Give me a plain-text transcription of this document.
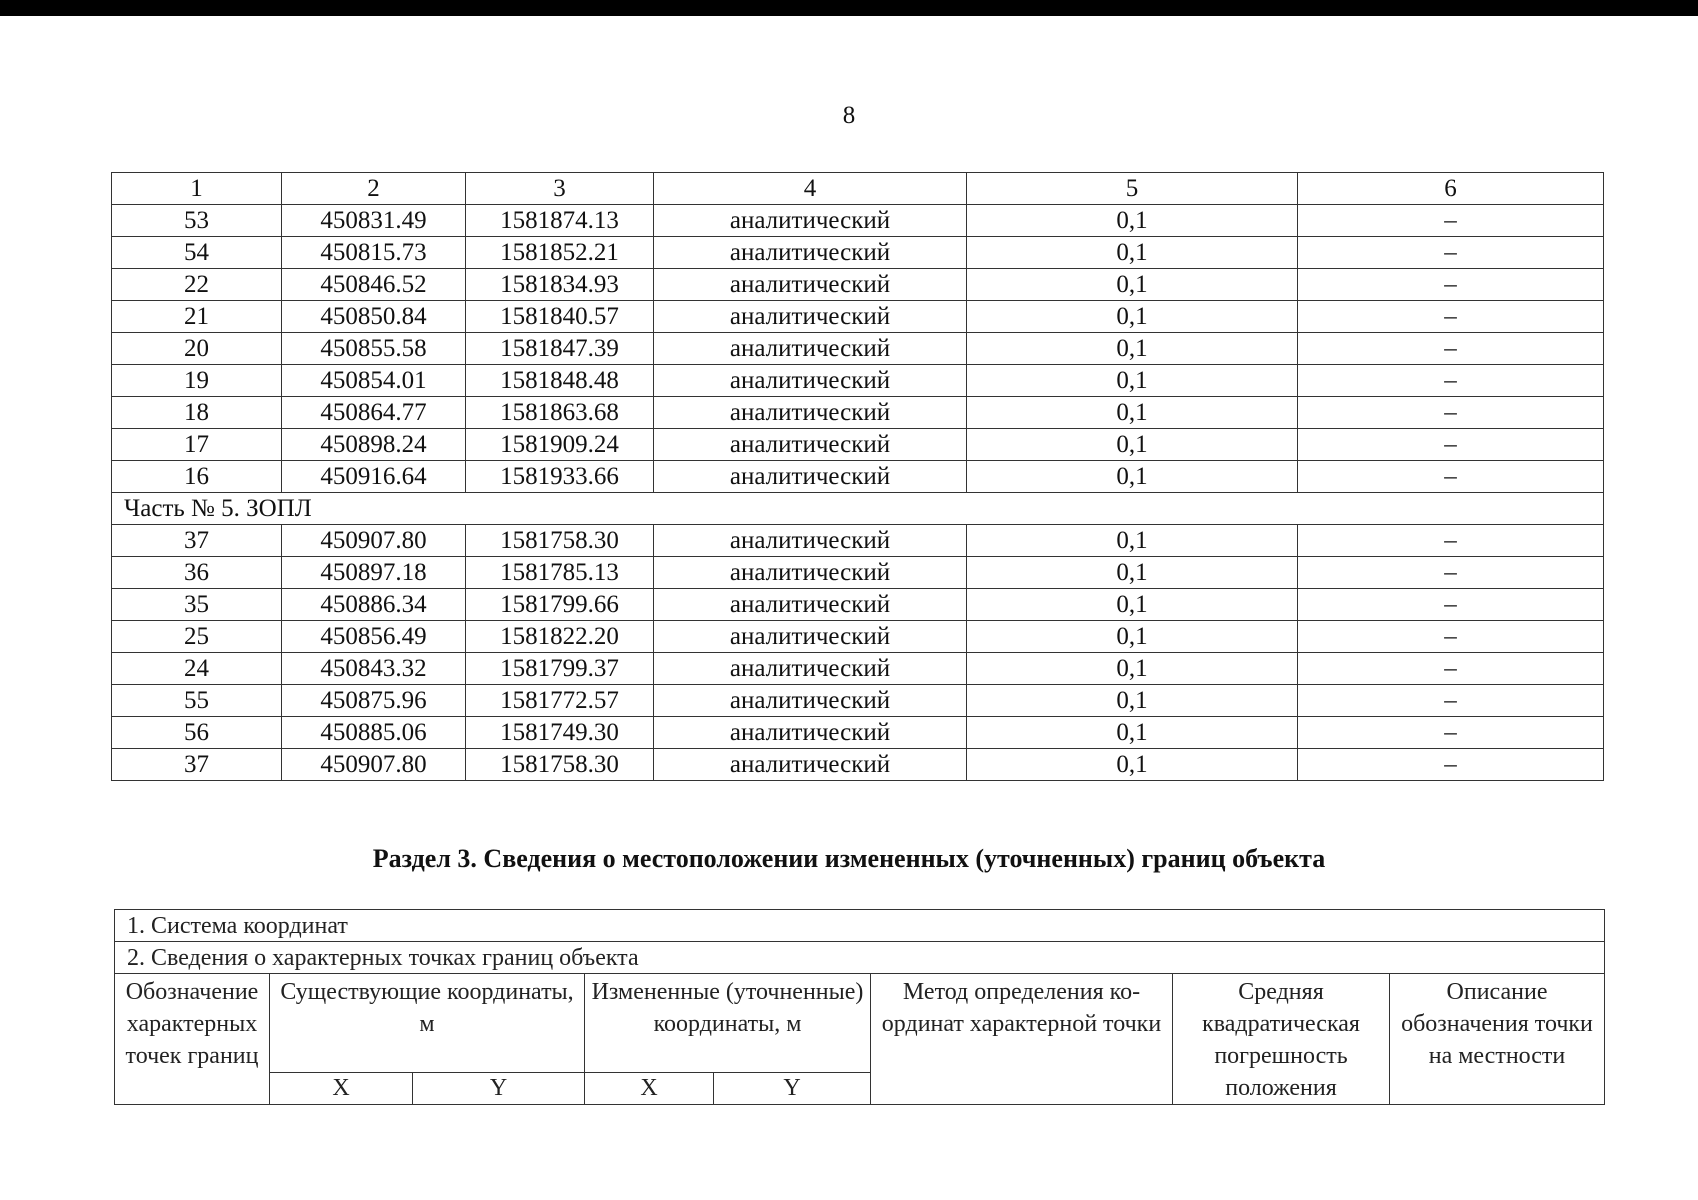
8
1	2	3	4	5	6
53	450831.49	1581874.13	аналитический	0,1	–
54	450815.73	1581852.21	аналитический	0,1	–
22	450846.52	1581834.93	аналитический	0,1	–
21	450850.84	1581840.57	аналитический	0,1	–
20	450855.58	1581847.39	аналитический	0,1	–
19	450854.01	1581848.48	аналитический	0,1	–
18	450864.77	1581863.68	аналитический	0,1	–
17	450898.24	1581909.24	аналитический	0,1	–
16	450916.64	1581933.66	аналитический	0,1	–
Часть № 5. ЗОПЛ					
37	450907.80	1581758.30	аналитический	0,1	–
36	450897.18	1581785.13	аналитический	0,1	–
35	450886.34	1581799.66	аналитический	0,1	–
25	450856.49	1581822.20	аналитический	0,1	–
24	450843.32	1581799.37	аналитический	0,1	–
55	450875.96	1581772.57	аналитический	0,1	–
56	450885.06	1581749.30	аналитический	0,1	–
37	450907.80	1581758.30	аналитический	0,1	–
Раздел 3. Сведения о местоположении измененных (уточненных) границ объекта
1. Система координат							
2. Сведения о характерных точках границ объекта							
Обозначение характерных точек границ	Существующие координаты, м		Измененные (уточненные) координаты, м		Метод определения ко-ординат характерной точки	Средняя квадратическая погрешность положения	Описание обозначения точки на местности
	X	Y	X	Y			
